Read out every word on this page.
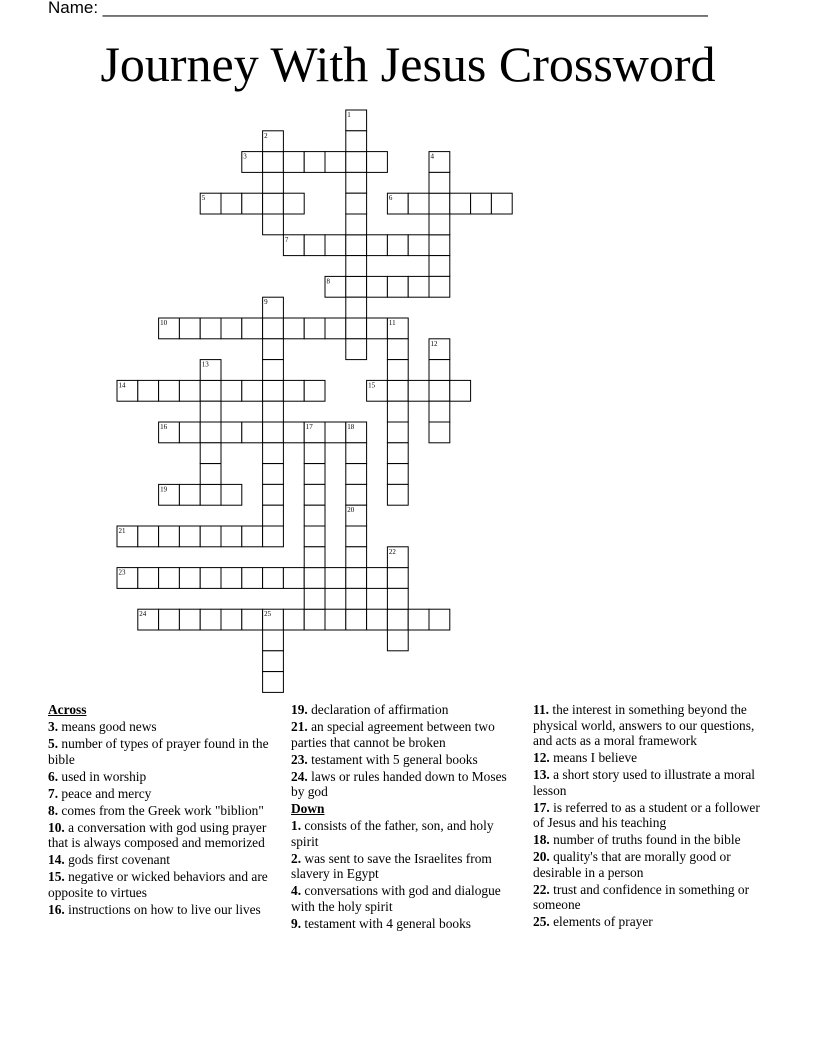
Name: ________________________________________________________________
Journey With Jesus Crossword
3
5	6
7
8
10
14	15
16
19
21
23
24
1
2
4
9
11
12
13
17	18
20
22
25

Across

3. means good news

5. number of types of prayer found in the bible

6. used in worship

7. peace and mercy

8. comes from the Greek work "biblion"

10. a conversation with god using prayer that is always composed and memorized

14. gods first covenant

15. negative or wicked behaviors and are opposite to virtues

16. instructions on how to live our lives

19. declaration of affirmation

21. an special agreement between two parties that cannot be broken

23. testament with 5 general books

24. laws or rules handed down to Moses by god

Down

1. consists of the father, son, and holy spirit

2. was sent to save the Israelites from slavery in Egypt

4. conversations with god and dialogue with the holy spirit

9. testament with 4 general books

11. the interest in something beyond the physical world, answers to our questions, and acts as a moral framework

12. means I believe

13. a short story used to illustrate a moral lesson

17. is referred to as a student or a follower of Jesus and his teaching

18. number of truths found in the bible

20. quality's that are morally good or desirable in a person

22. trust and confidence in something or someone

25. elements of prayer
